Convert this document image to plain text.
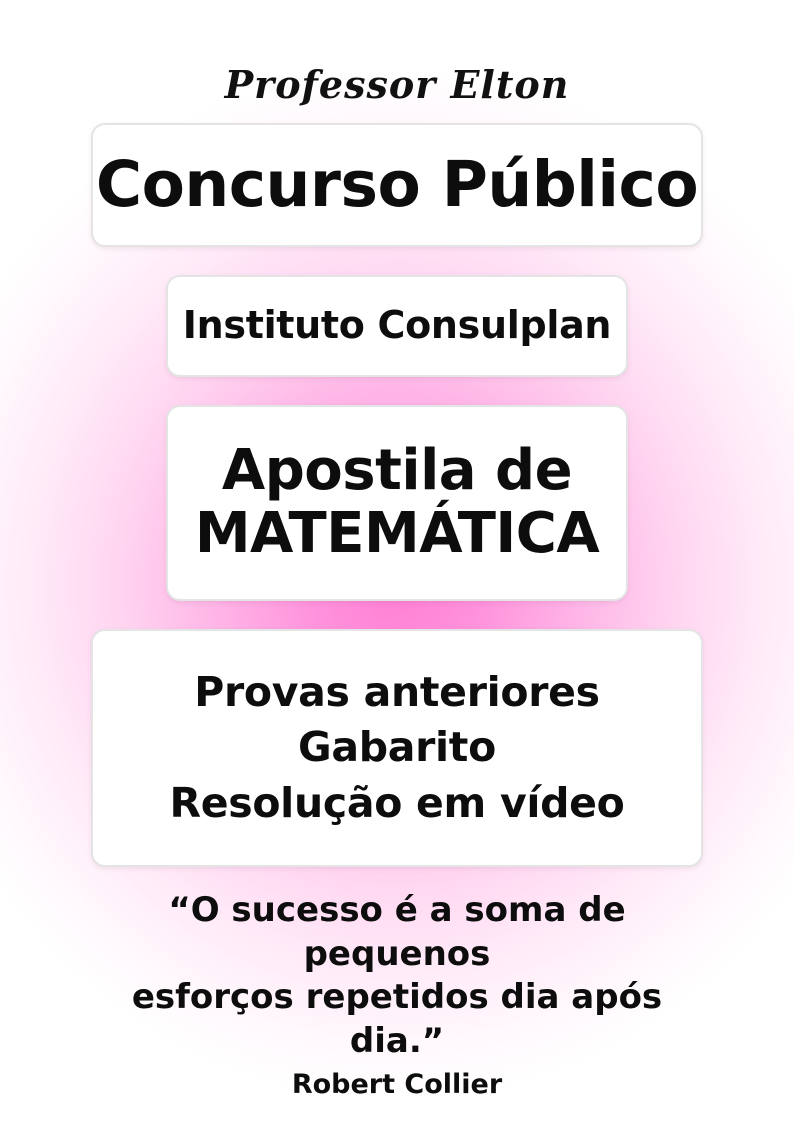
Professor Elton
Concurso Público
Instituto Consulplan
Apostila de
MATEMÁTICA
Provas anteriores
Gabarito
Resolução em vídeo
“O sucesso é a soma de pequenos
esforços repetidos dia após dia.”
Robert Collier
